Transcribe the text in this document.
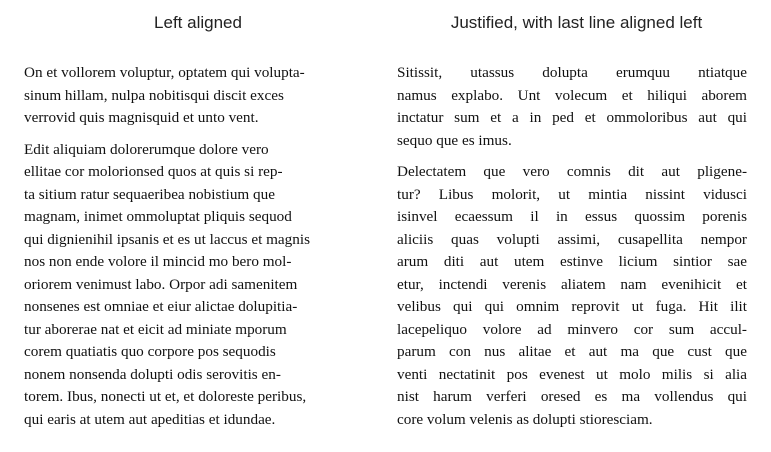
Left aligned	Justified, with last line aligned left
On et vollorem voluptur, optatem qui volupta-
sinum hillam, nulpa nobitisqui discit exces
verrovid quis magnisquid et unto vent.
Edit aliquiam dolorerumque dolore vero
ellitae cor molorionsed quos at quis si rep-
ta sitium ratur sequaeribea nobistium que
magnam, inimet ommoluptat pliquis sequod
qui dignienihil ipsanis et es ut laccus et magnis
nos non ende volore il mincid mo bero mol-
oriorem venimust labo. Orpor adi samenitem
nonsenes est omniae et eiur alictae dolupitia-
tur aborerae nat et eicit ad miniate mporum
corem quatiatis quo corpore pos sequodis
nonem nonsenda dolupti odis serovitis en-
torem. Ibus, nonecti ut et, et doloreste peribus,
qui earis at utem aut apeditias et idundae.
Sitissit, utassus dolupta erumquu ntiatque
namus explabo. Unt volecum et hiliqui aborem
inctatur sum et a in ped et ommoloribus aut qui
sequo que es imus.
Delectatem que vero comnis dit aut pligene-
tur? Libus molorit, ut mintia nissint vidusci
isinvel ecaessum il in essus quossim porenis
aliciis quas volupti assimi, cusapellita nempor
arum diti aut utem estinve licium sintior sae
etur, inctendi verenis aliatem nam evenihicit et
velibus qui qui omnim reprovit ut fuga. Hit ilit
lacepeliquo volore ad minvero cor sum accul-
parum con nus alitae et aut ma que cust que
venti nectatinit pos evenest ut molo milis si alia
nist harum verferi oresed es ma vollendus qui
core volum velenis as dolupti stioresciam.
